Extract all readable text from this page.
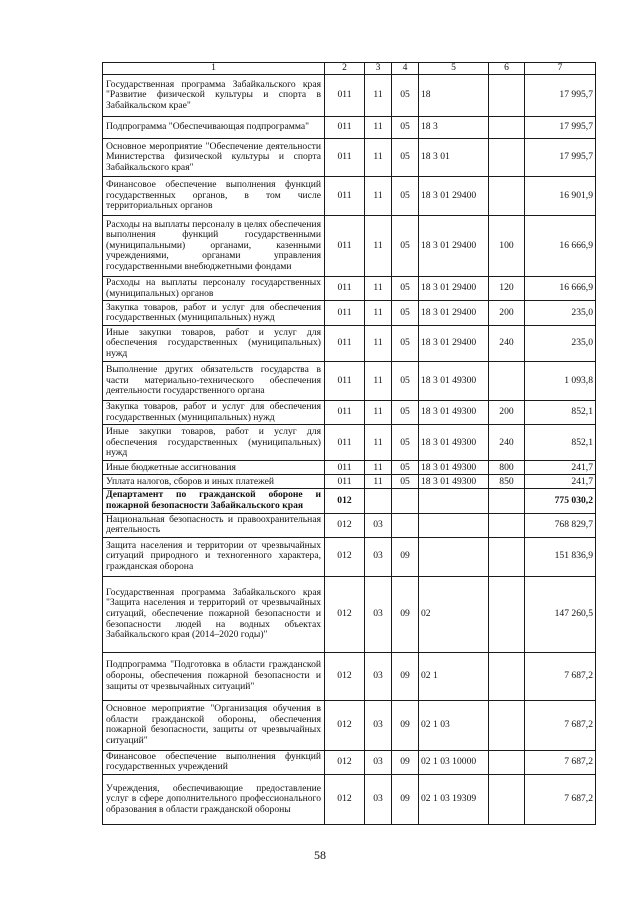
1	2	3	4	5	6	7
Государственная программа Забайкальского края "Развитие физической культуры и спорта в Забайкальском крае"	011	11	05	18		17 995,7
Подпрограмма "Обеспечивающая подпрограмма"	011	11	05	18 3		17 995,7
Основное мероприятие "Обеспечение деятельности Министерства физической культуры и спорта Забайкальского края"	011	11	05	18 3 01		17 995,7
Финансовое обеспечение выполнения функций государственных органов, в том числе территориальных органов	011	11	05	18 3 01 29400		16 901,9
Расходы на выплаты персоналу в целях обеспечения выполнения функций государственными (муниципальными) органами, казенными учреждениями, органами управления государственными внебюджетными фондами	011	11	05	18 3 01 29400	100	16 666,9
Расходы на выплаты персоналу государственных (муниципальных) органов	011	11	05	18 3 01 29400	120	16 666,9
Закупка товаров, работ и услуг для обеспечения государственных (муниципальных) нужд	011	11	05	18 3 01 29400	200	235,0
Иные закупки товаров, работ и услуг для обеспечения государственных (муниципальных) нужд	011	11	05	18 3 01 29400	240	235,0
Выполнение других обязательств государства в части материально-технического обеспечения деятельности государственного органа	011	11	05	18 3 01 49300		1 093,8
Закупка товаров, работ и услуг для обеспечения государственных (муниципальных) нужд	011	11	05	18 3 01 49300	200	852,1
Иные закупки товаров, работ и услуг для обеспечения государственных (муниципальных) нужд	011	11	05	18 3 01 49300	240	852,1
Иные бюджетные ассигнования	011	11	05	18 3 01 49300	800	241,7
Уплата налогов, сборов и иных платежей	011	11	05	18 3 01 49300	850	241,7
Департамент по гражданской обороне и пожарной безопасности Забайкальского края	012					775 030,2
Национальная безопасность и правоохранительная деятельность	012	03				768 829,7
Защита населения и территории от чрезвычайных ситуаций природного и техногенного характера, гражданская оборона	012	03	09			151 836,9
Государственная программа Забайкальского края "Защита населения и территорий от чрезвычайных ситуаций, обеспечение пожарной безопасности и безопасности людей на водных объектах Забайкальского края (2014–2020 годы)"	012	03	09	02		147 260,5
Подпрограмма "Подготовка в области гражданской обороны, обеспечения пожарной безопасности и защиты от чрезвычайных ситуаций"	012	03	09	02 1		7 687,2
Основное мероприятие "Организация обучения в области гражданской обороны, обеспечения пожарной безопасности, защиты от чрезвычайных ситуаций"	012	03	09	02 1 03		7 687,2
Финансовое обеспечение выполнения функций государственных учреждений	012	03	09	02 1 03 10000		7 687,2
Учреждения, обеспечивающие предоставление услуг в сфере дополнительного профессионального образования в области гражданской обороны	012	03	09	02 1 03 19309		7 687,2
58
